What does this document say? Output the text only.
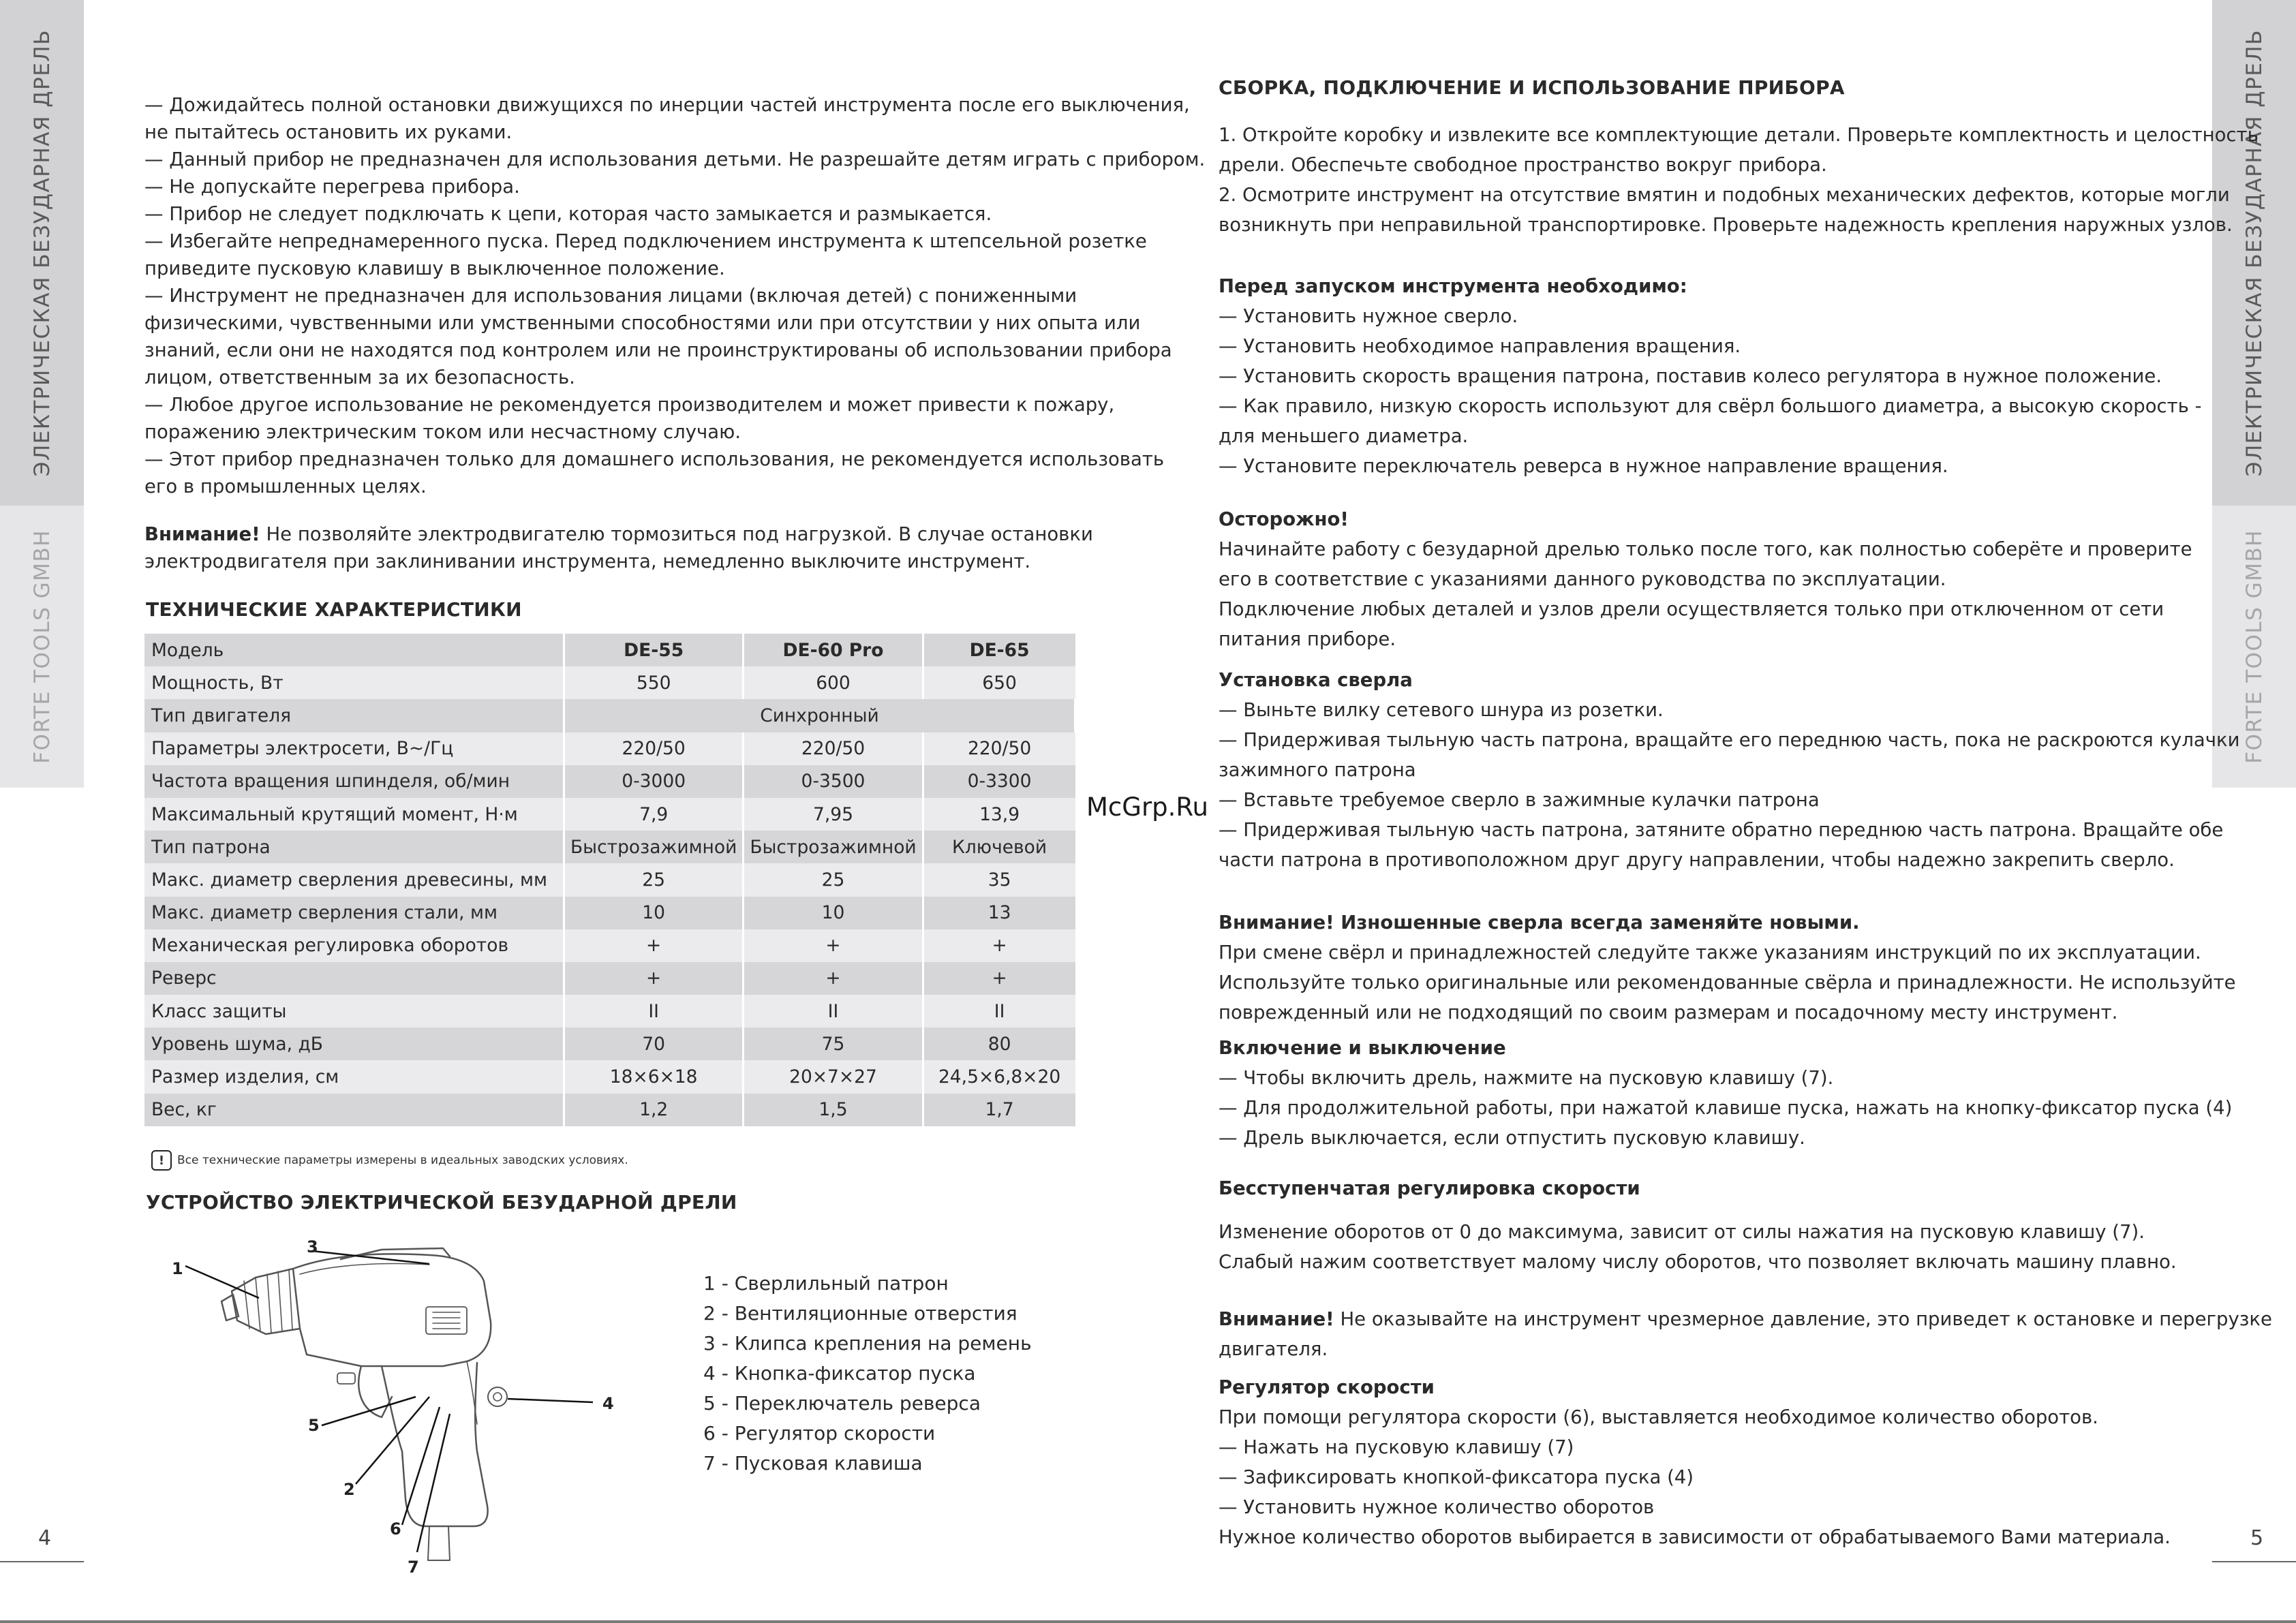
ЭЛЕКТРИЧЕСКАЯ БЕЗУДАРНАЯ ДРЕЛЬ
FORTE TOOLS GMBH
ЭЛЕКТРИЧЕСКАЯ БЕЗУДАРНАЯ ДРЕЛЬ
FORTE TOOLS GMBH
4	5

— Дожидайтесь полной остановки движущихся по инерции частей инструмента после его выключения,

не пытайтесь остановить их руками.

— Данный прибор не предназначен для использования детьми. Не разрешайте детям играть с прибором.

— Не допускайте перегрева прибора.

— Прибор не следует подключать к цепи, которая часто замыкается и размыкается.

— Избегайте непреднамеренного пуска. Перед подключением инструмента к штепсельной розетке

приведите пусковую клавишу в выключенное положение.

— Инструмент не предназначен для использования лицами (включая детей) с пониженными

физическими, чувственными или умственными способностями или при отсутствии у них опыта или

знаний, если они не находятся под контролем или не проинструктированы об использовании прибора

лицом, ответственным за их безопасность.

— Любое другое использование не рекомендуется производителем и может привести к пожару,

поражению электрическим током или несчастному случаю.

— Этот прибор предназначен только для домашнего использования, не рекомендуется использовать

его в промышленных целях.

Внимание! Не позволяйте электродвигателю тормозиться под нагрузкой. В случае остановки

электродвигателя при заклинивании инструмента, немедленно выключите инструмент.

ТЕХНИЧЕСКИЕ ХАРАКТЕРИСТИКИ
Модель	DE-55	DE-60 Pro	DE-65
Мощность, Вт	550	600	650
Тип двигателя	Синхронный		
Параметры электросети, В~/Гц	220/50	220/50	220/50
Частота вращения шпинделя, об/мин	0-3000	0-3500	0-3300
Максимальный крутящий момент, Н·м	7,9	7,95	13,9
Тип патрона	Быстрозажимной	Быстрозажимной	Ключевой
Макс. диаметр сверления древесины, мм	25	25	35
Макс. диаметр сверления стали, мм	10	10	13
Механическая регулировка оборотов	+	+	+
Реверс	+	+	+
Класс защиты	II	II	II
Уровень шума, дБ	70	75	80
Размер изделия, см	18×6×18	20×7×27	24,5×6,8×20
Вес, кг	1,2	1,5	1,7
!	Все технические параметры измерены в идеальных заводских условиях.
УСТРОЙСТВО ЭЛЕКТРИЧЕСКОЙ БЕЗУДАРНОЙ ДРЕЛИ
1
2
3
4
5
6
7
1 - Сверлильный патрон
2 - Вентиляционные отверстия
3 - Клипса крепления на ремень
4 - Кнопка-фиксатор пуска
5 - Переключатель реверса
6 - Регулятор скорости
7 - Пусковая клавиша
McGrp.Ru
СБОРКА, ПОДКЛЮЧЕНИЕ И ИСПОЛЬЗОВАНИЕ ПРИБОРА

1. Откройте коробку и извлеките все комплектующие детали. Проверьте комплектность и целостность

дрели. Обеспечьте свободное пространство вокруг прибора.

2. Осмотрите инструмент на отсутствие вмятин и подобных механических дефектов, которые могли

возникнуть при неправильной транспортировке. Проверьте надежность крепления наружных узлов.

Перед запуском инструмента необходимо:

— Установить нужное сверло.

— Установить необходимое направления вращения.

— Установить скорость вращения патрона, поставив колесо регулятора в нужное положение.

— Как правило, низкую скорость используют для свёрл большого диаметра, а высокую скорость -

для меньшего диаметра.

— Установите переключатель реверса в нужное направление вращения.

Осторожно!

Начинайте работу с безударной дрелью только после того, как полностью соберёте и проверите

его в соответствие с указаниями данного руководства по эксплуатации.

Подключение любых деталей и узлов дрели осуществляется только при отключенном от сети

питания приборе.

Установка сверла

— Выньте вилку сетевого шнура из розетки.

— Придерживая тыльную часть патрона, вращайте его переднюю часть, пока не раскроются кулачки

зажимного патрона

— Вставьте требуемое сверло в зажимные кулачки патрона

— Придерживая тыльную часть патрона, затяните обратно переднюю часть патрона. Вращайте обе

части патрона в противоположном друг другу направлении, чтобы надежно закрепить сверло.

Внимание! Изношенные сверла всегда заменяйте новыми.

При смене свёрл и принадлежностей следуйте также указаниям инструкций по их эксплуатации.

Используйте только оригинальные или рекомендованные свёрла и принадлежности. Не используйте

поврежденный или не подходящий по своим размерам и посадочному месту инструмент.

Включение и выключение

— Чтобы включить дрель, нажмите на пусковую клавишу (7).

— Для продолжительной работы, при нажатой клавише пуска, нажать на кнопку-фиксатор пуска (4)

— Дрель выключается, если отпустить пусковую клавишу.

Бесступенчатая регулировка скорости

Изменение оборотов от 0 до максимума, зависит от силы нажатия на пусковую клавишу (7).

Слабый нажим соответствует малому числу оборотов, что позволяет включать машину плавно.

Внимание! Не оказывайте на инструмент чрезмерное давление, это приведет к остановке и перегрузке

двигателя.

Регулятор скорости

При помощи регулятора скорости (6), выставляется необходимое количество оборотов.

— Нажать на пусковую клавишу (7)

— Зафиксировать кнопкой-фиксатора пуска (4)

— Установить нужное количество оборотов

Нужное количество оборотов выбирается в зависимости от обрабатываемого Вами материала.
